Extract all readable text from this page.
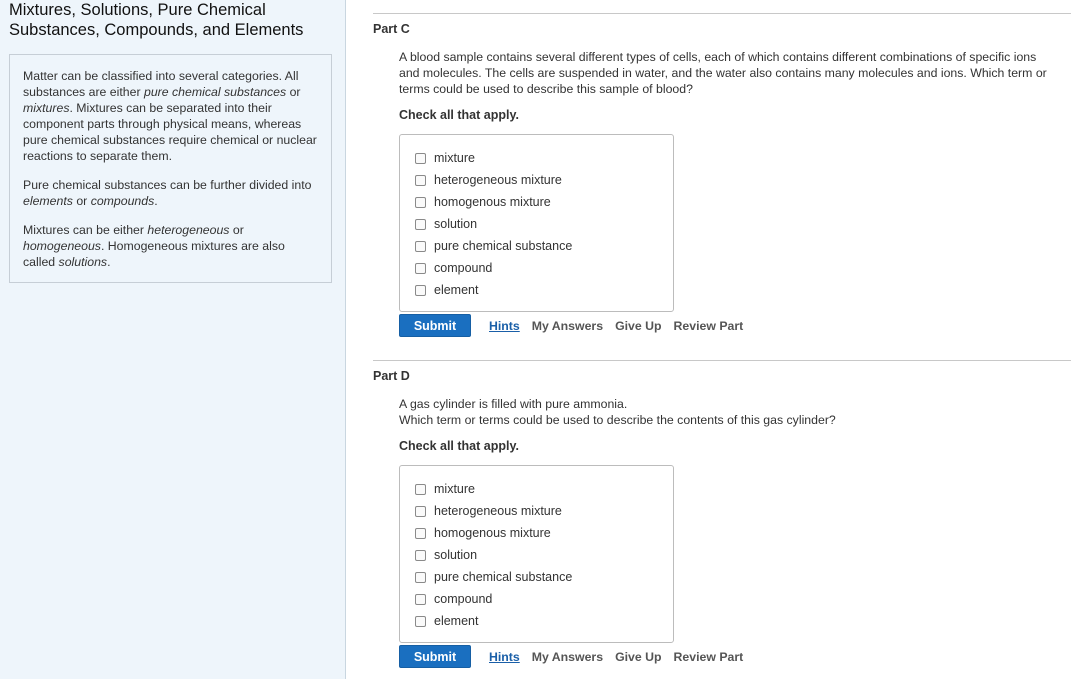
Mixtures, Solutions, Pure Chemical
Substances, Compounds, and Elements

Matter can be classified into several categories. All substances are either pure chemical substances or mixtures. Mixtures can be separated into their component parts through physical means, whereas pure chemical substances require chemical or nuclear reactions to separate them.

Pure chemical substances can be further divided into elements or compounds.

Mixtures can be either heterogeneous or homogeneous. Homogeneous mixtures are also called solutions.

Part C

A blood sample contains several different types of cells, each of which contains different combinations of specific ions and molecules. The cells are suspended in water, and the water also contains many molecules and ions. Which term or terms could be used to describe this sample of blood?

Check all that apply.
mixture
heterogeneous mixture
homogenous mixture
solution
pure chemical substance
compound
element
Submit	Hints My Answers Give Up Review Part
Part D

A gas cylinder is filled with pure ammonia.

Which term or terms could be used to describe the contents of this gas cylinder?

Check all that apply.
mixture
heterogeneous mixture
homogenous mixture
solution
pure chemical substance
compound
element
Submit	Hints My Answers Give Up Review Part
